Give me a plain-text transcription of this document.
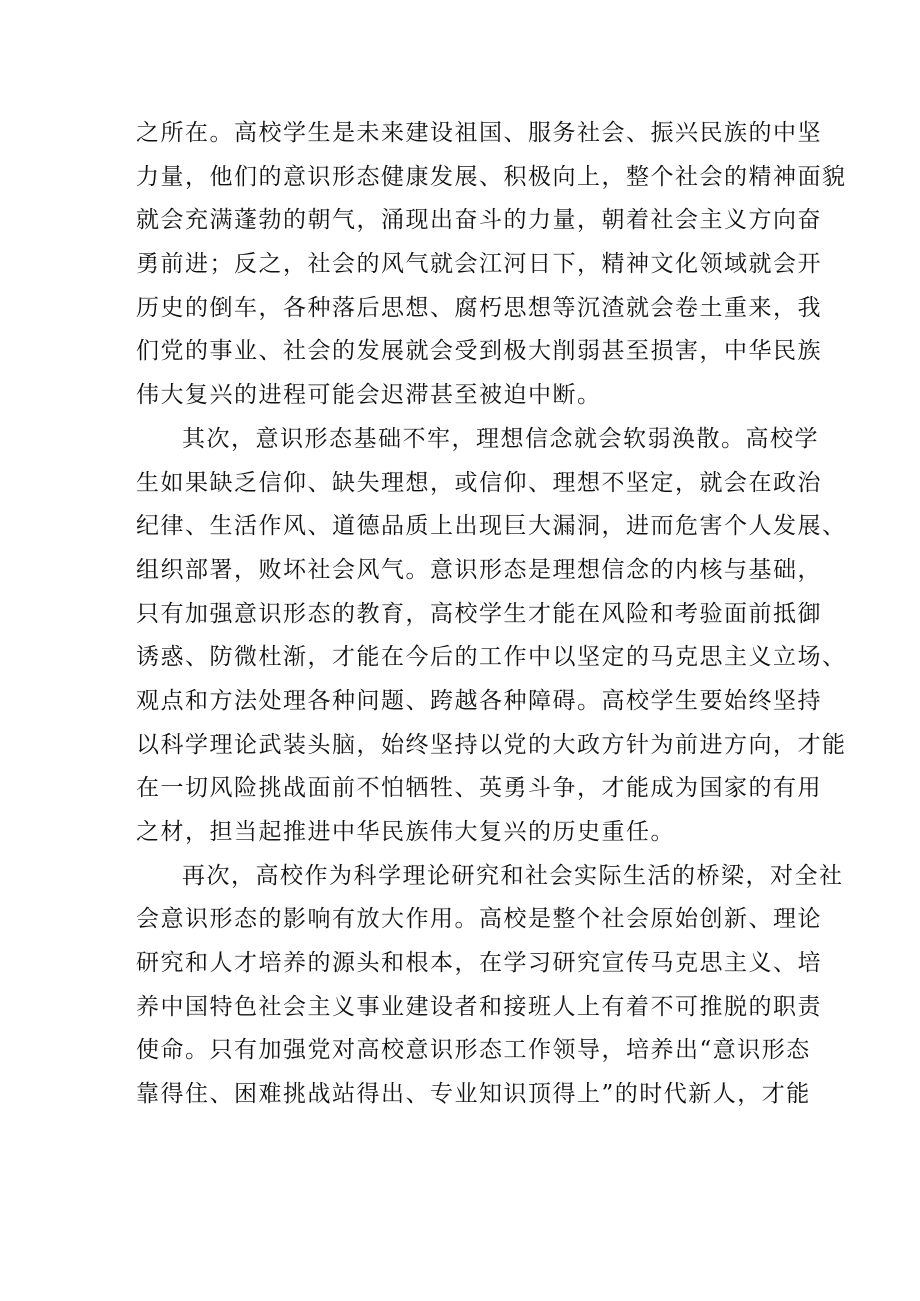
之所在。高校学生是未来建设祖国、服务社会、振兴民族的中坚
力量，他们的意识形态健康发展、积极向上，整个社会的精神面貌
就会充满蓬勃的朝气，涌现出奋斗的力量，朝着社会主义方向奋
勇前进；反之，社会的风气就会江河日下，精神文化领域就会开
历史的倒车，各种落后思想、腐朽思想等沉渣就会卷土重来，我
们党的事业、社会的发展就会受到极大削弱甚至损害，中华民族
伟大复兴的进程可能会迟滞甚至被迫中断。
其次，意识形态基础不牢，理想信念就会软弱涣散。高校学
生如果缺乏信仰、缺失理想，或信仰、理想不坚定，就会在政治
纪律、生活作风、道德品质上出现巨大漏洞，进而危害个人发展、
组织部署，败坏社会风气。意识形态是理想信念的内核与基础，
只有加强意识形态的教育，高校学生才能在风险和考验面前抵御
诱惑、防微杜渐，才能在今后的工作中以坚定的马克思主义立场、
观点和方法处理各种问题、跨越各种障碍。高校学生要始终坚持
以科学理论武装头脑，始终坚持以党的大政方针为前进方向，才能
在一切风险挑战面前不怕牺牲、英勇斗争，才能成为国家的有用
之材，担当起推进中华民族伟大复兴的历史重任。
再次，高校作为科学理论研究和社会实际生活的桥梁，对全社
会意识形态的影响有放大作用。高校是整个社会原始创新、理论
研究和人才培养的源头和根本，在学习研究宣传马克思主义、培
养中国特色社会主义事业建设者和接班人上有着不可推脱的职责
使命。只有加强党对高校意识形态工作领导，培养出“意识形态
靠得住、困难挑战站得出、专业知识顶得上”的时代新人，才能
